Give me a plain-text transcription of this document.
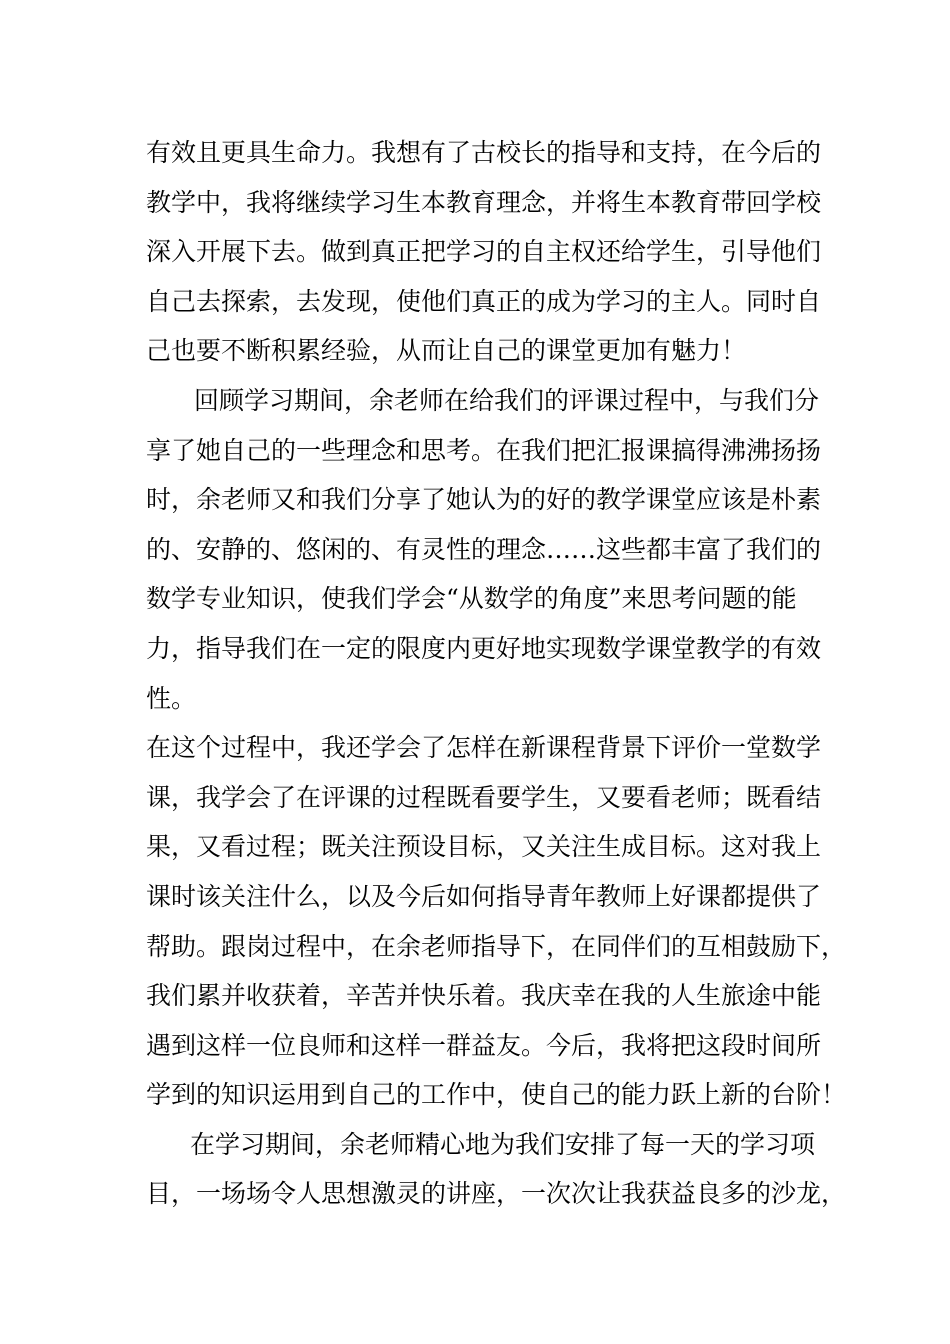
有效且更具生命力。我想有了古校长的指导和支持，在今后的
教学中，我将继续学习生本教育理念，并将生本教育带回学校
深入开展下去。做到真正把学习的自主权还给学生，引导他们
自己去探索，去发现，使他们真正的成为学习的主人。同时自
己也要不断积累经验，从而让自己的课堂更加有魅力！
回顾学习期间，余老师在给我们的评课过程中，与我们分
享了她自己的一些理念和思考。在我们把汇报课搞得沸沸扬扬
时，余老师又和我们分享了她认为的好的教学课堂应该是朴素
的、安静的、悠闲的、有灵性的理念……这些都丰富了我们的
数学专业知识，使我们学会“从数学的角度”来思考问题的能
力，指导我们在一定的限度内更好地实现数学课堂教学的有效
性。
在这个过程中，我还学会了怎样在新课程背景下评价一堂数学
课，我学会了在评课的过程既看要学生，又要看老师；既看结
果，又看过程；既关注预设目标，又关注生成目标。这对我上
课时该关注什么，以及今后如何指导青年教师上好课都提供了
帮助。跟岗过程中，在余老师指导下，在同伴们的互相鼓励下，
我们累并收获着，辛苦并快乐着。我庆幸在我的人生旅途中能
遇到这样一位良师和这样一群益友。今后，我将把这段时间所
学到的知识运用到自己的工作中，使自己的能力跃上新的台阶！
在学习期间，余老师精心地为我们安排了每一天的学习项
目，一场场令人思想激灵的讲座，一次次让我获益良多的沙龙，
